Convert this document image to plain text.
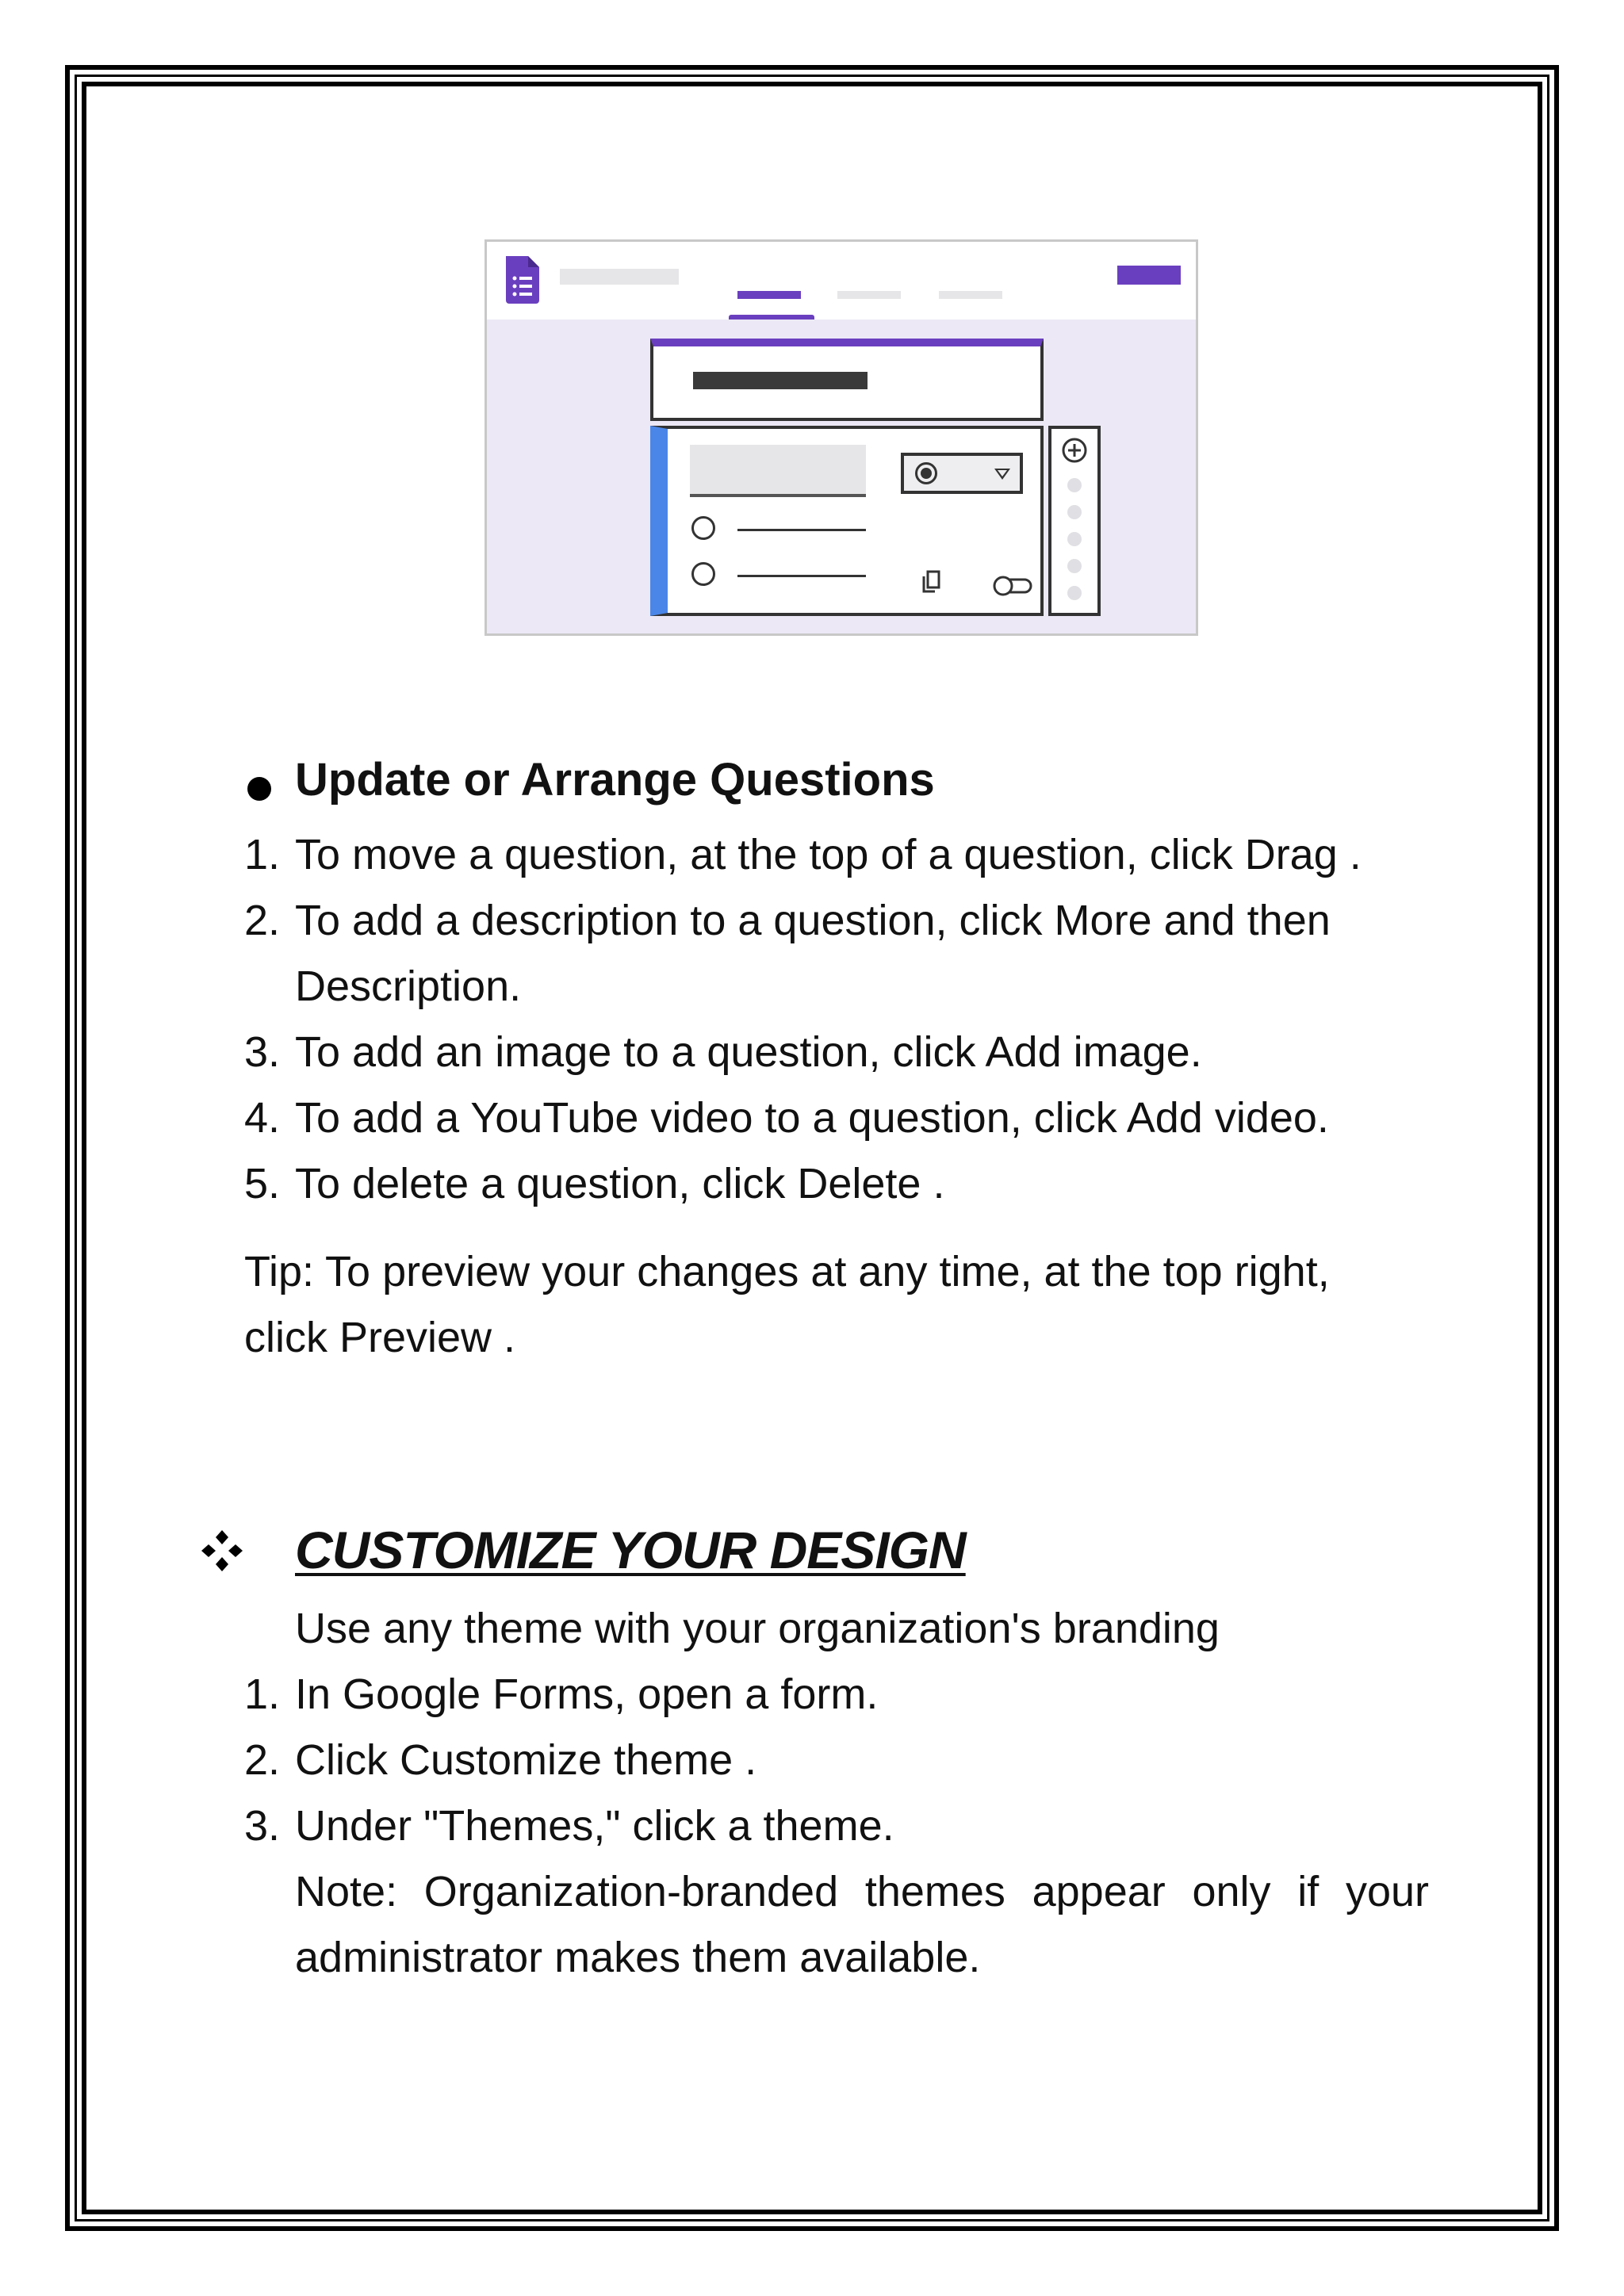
Update or Arrange Questions
1. To move a question, at the top of a question, click Drag .
2. To add a description to a question, click More and then
Description.
3. To add an image to a question, click Add image.
4. To add a YouTube video to a question, click Add video.
5. To delete a question, click Delete .
Tip: To preview your changes at any time, at the top right,
click Preview .
CUSTOMIZE YOUR DESIGN
Use any theme with your organization's branding
1. In Google Forms, open a form.
2. Click Customize theme .
3. Under "Themes," click a theme.
Note: Organization-branded themes appear only if your
administrator makes them available.
